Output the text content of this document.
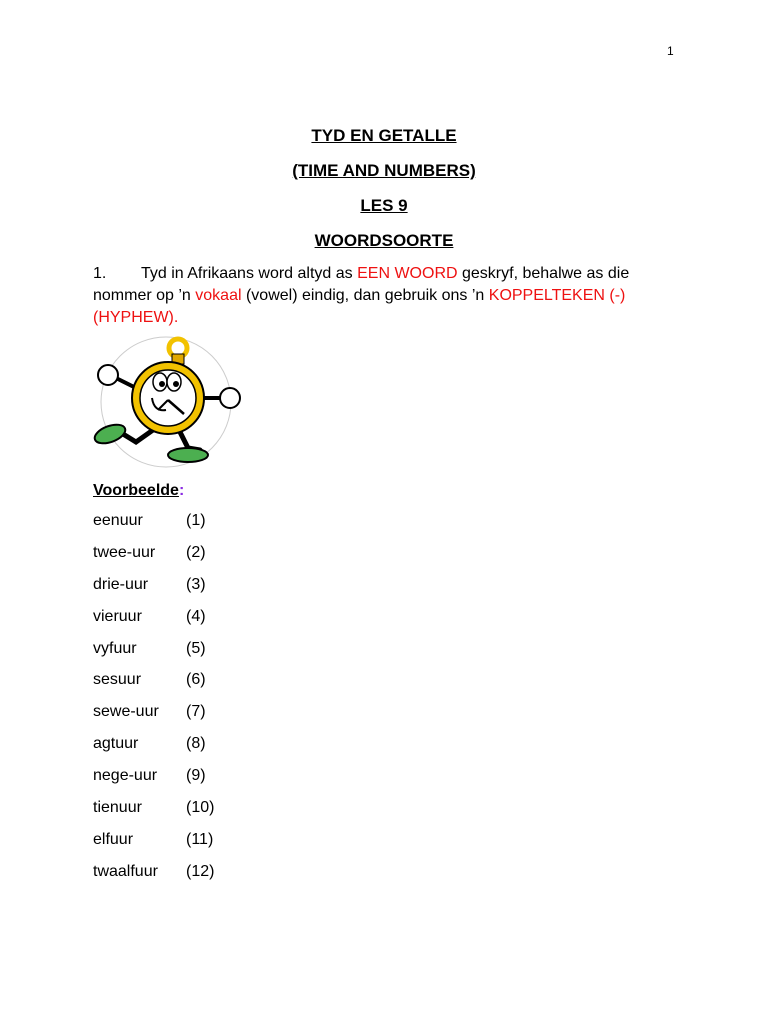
1
TYD EN GETALLE
(TIME AND NUMBERS)
LES 9
WOORDSOORTE
1. Tyd in Afrikaans word altyd as EEN WOORD geskryf, behalwe as die nommer op ’n vokaal (vowel) eindig, dan gebruik ons ’n KOPPELTEKEN (-) (HYPHEW).
Voorbeelde:
eenuur	(1)
twee-uur	(2)
drie-uur	(3)
vieruur	(4)
vyfuur	(5)
sesuur	(6)
sewe-uur	(7)
agtuur	(8)
nege-uur	(9)
tienuur	(10)
elfuur	(11)
twaalfuur	(12)
